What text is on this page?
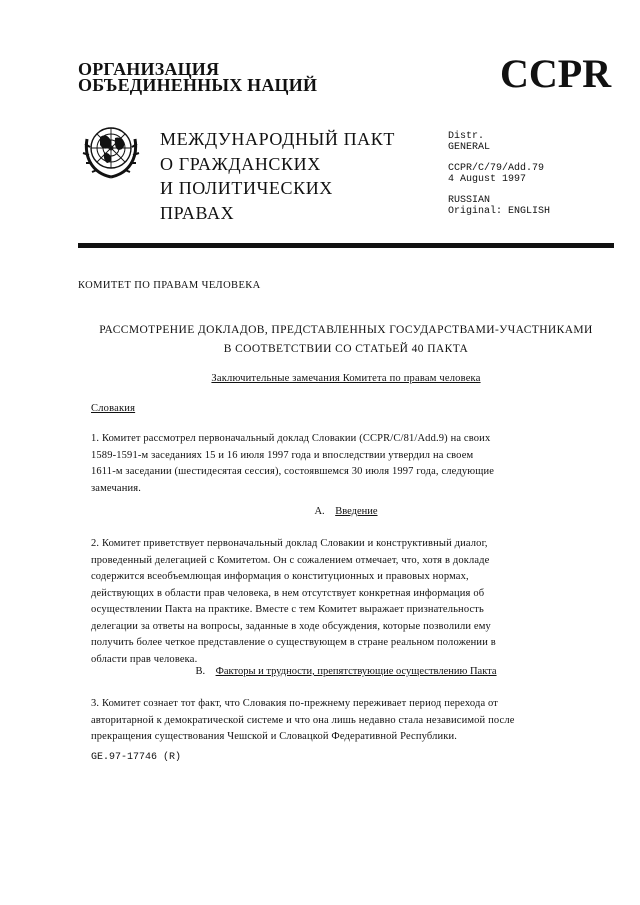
ОРГАНИЗАЦИЯ
ОБЪЕДИНЕННЫХ НАЦИЙ	CCPR
МЕЖДУНАРОДНЫЙ ПАКТ
О ГРАЖДАНСКИХ
И ПОЛИТИЧЕСКИХ
ПРАВАХ
Distr.
GENERAL
CCPR/C/79/Add.79
4 August 1997
RUSSIAN
Original: ENGLISH
КОМИТЕТ ПО ПРАВАМ ЧЕЛОВЕКА
РАССМОТРЕНИЕ ДОКЛАДОВ, ПРЕДСТАВЛЕННЫХ ГОСУДАРСТВАМИ-УЧАСТНИКАМИ
В СООТВЕТСТВИИ СО СТАТЬЕЙ 40 ПАКТА
Заключительные замечания Комитета по правам человека
Словакия
1. Комитет рассмотрел первоначальный доклад Словакии (CCPR/C/81/Add.9) на своих
1589-1591-м заседаниях 15 и 16 июля 1997 года и впоследствии утвердил на своем
1611-м заседании (шестидесятая сессия), состоявшемся 30 июля 1997 года, следующие
замечания.
A. Введение
2. Комитет приветствует первоначальный доклад Словакии и конструктивный диалог,
проведенный делегацией с Комитетом. Он с сожалением отмечает, что, хотя в докладе
содержится всеобъемлющая информация о конституционных и правовых нормах,
действующих в области прав человека, в нем отсутствует конкретная информация об
осуществлении Пакта на практике. Вместе с тем Комитет выражает признательность
делегации за ответы на вопросы, заданные в ходе обсуждения, которые позволили ему
получить более четкое представление о существующем в стране реальном положении в
области прав человека.
B. Факторы и трудности, препятствующие осуществлению Пакта
3. Комитет сознает тот факт, что Словакия по-прежнему переживает период перехода от
авторитарной к демократической системе и что она лишь недавно стала независимой после
прекращения существования Чешской и Словацкой Федеративной Республики.
GE.97-17746 (R)
